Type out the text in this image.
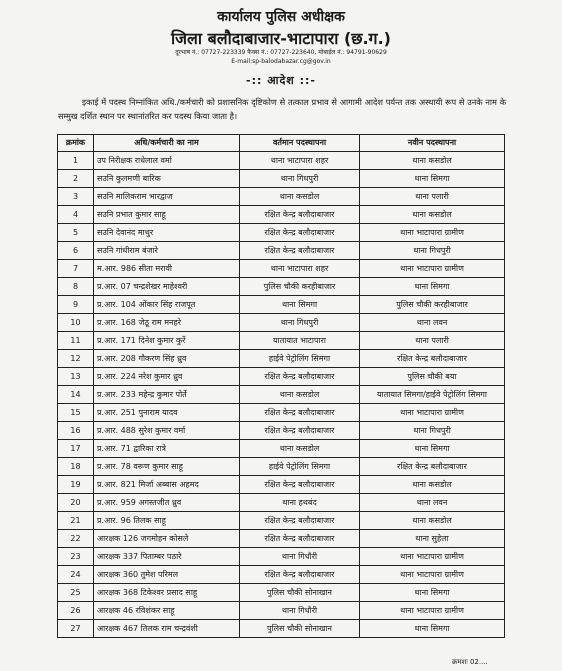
कार्यालय पुलिस अधीक्षक
जिला बलौदाबाजार-भाटापारा (छ.ग.)
दूरभाष नं.: 07727-223339 फैक्स नं.: 07727-223640, मोबाईल नं.: 94791-90629
E-mail:sp-balodabazar.cg@gov.in
-:: आदेश ::-
इकाई में पदस्थ निम्नांकित अधि./कर्मचारी को प्रशासनिक दृष्टिकोण से तत्काल प्रभाव से आगामी आदेश पर्यन्त तक अस्थायी रूप से उनके नाम के सम्मुख दर्शित स्थान पर स्थानांतरित कर पदस्थ किया जाता है।
क्रमांक	अधि/कर्मचारी का नाम	वर्तमान पदस्थापना	नवीन पदस्थापना
1	उप निरीक्षक राधेलाल वर्मा	थाना भाटापारा शहर	थाना कसडोल
2	सउनि कुलमणी बारिक	थाना गिधपुरी	थाना सिमगा
3	सउनि मालिकराम भारद्वाज	थाना कसडोल	थाना पलारी
4	सउनि प्रभात कुमार साहू	रक्षित केन्द्र बलौदाबाजार	थाना कसडोल
5	सउनि देवानंद माथुर	रक्षित केन्द्र बलौदाबाजार	थाना भाटापारा ग्रामीण
6	सउनि गांधीराम बंजारे	रक्षित केन्द्र बलौदाबाजार	थाना गिधपुरी
7	म.आर. 986 सीता मरावी	थाना भाटापारा शहर	थाना भाटापारा ग्रामीण
8	प्र.आर. 07 चन्द्रशेखर माहेश्वरी	पुलिस चौकी करहीबाजार	थाना सिमगा
9	प्र.आर. 104 ओंकार सिंह राजपूत	थाना सिमगा	पुलिस चौकी करहीबाजार
10	प्र.आर. 168 जेठू राम मनहरे	थाना गिधपुरी	थाना लवन
11	प्र.आर. 171 दिनेश कुमार कुर्रे	यातायात भाटापारा	थाना पलारी
12	प्र.आर. 208 गौकरण सिंह ध्रुव	हाईवे पेट्रोलिंग सिमगा	रक्षित केन्द्र बलौदाबाजार
13	प्र.आर. 224 नरेश कुमार ध्रुव	रक्षित केन्द्र बलौदाबाजार	पुलिस चौकी बया
14	प्र.आर. 233 महेन्द्र कुमार पोर्ते	थाना कसडोल	यातायात सिमगा/हाईवे पेट्रोलिंग सिमगा
15	प्र.आर. 251 पुनाराम यादव	रक्षित केन्द्र बलौदाबाजार	थाना भाटापारा ग्रामीण
16	प्र.आर. 488 सुरेश कुमार वर्मा	रक्षित केन्द्र बलौदाबाजार	थाना गिधपुरी
17	प्र.आर. 71 द्वारिका रात्रे	थाना कसडोल	थाना सिमगा
18	प्र.आर. 78 वरूण कुमार साहू	हाईवे पेट्रोलिंग सिमगा	रक्षित केन्द्र बलौदाबाजार
19	प्र.आर. 821 मिर्जा अब्बास अहमद	रक्षित केन्द्र बलौदाबाजार	थाना कसडोल
20	प्र.आर. 959 अगस्तजीत ध्रुव	थाना हथबंद	थाना लवन
21	प्र.आर. 96 तिलक साहू	रक्षित केन्द्र बलौदाबाजार	थाना कसडोल
22	आरक्षक 126 जगमोहन कोसले	रक्षित केन्द्र बलौदाबाजार	थाना सुहेला
23	आरक्षक 337 पिताम्बर पठारे	थाना गिधौरी	थाना भाटापारा ग्रामीण
24	आरक्षक 360 तुमेश परिमल	रक्षित केन्द्र बलौदाबाजार	थाना भाटापारा ग्रामीण
25	आरक्षक 368 टिकेश्वर प्रसाद साहू	पुलिस चौकी सोनाखान	थाना सिमगा
26	आरक्षक 46 रविशंकर साहू	थाना गिधौरी	थाना भाटापारा ग्रामीण
27	आरक्षक 467 तिलक राम चन्द्रवंशी	पुलिस चौकी सोनाखान	थाना सिमगा
क्रमशः 02....
